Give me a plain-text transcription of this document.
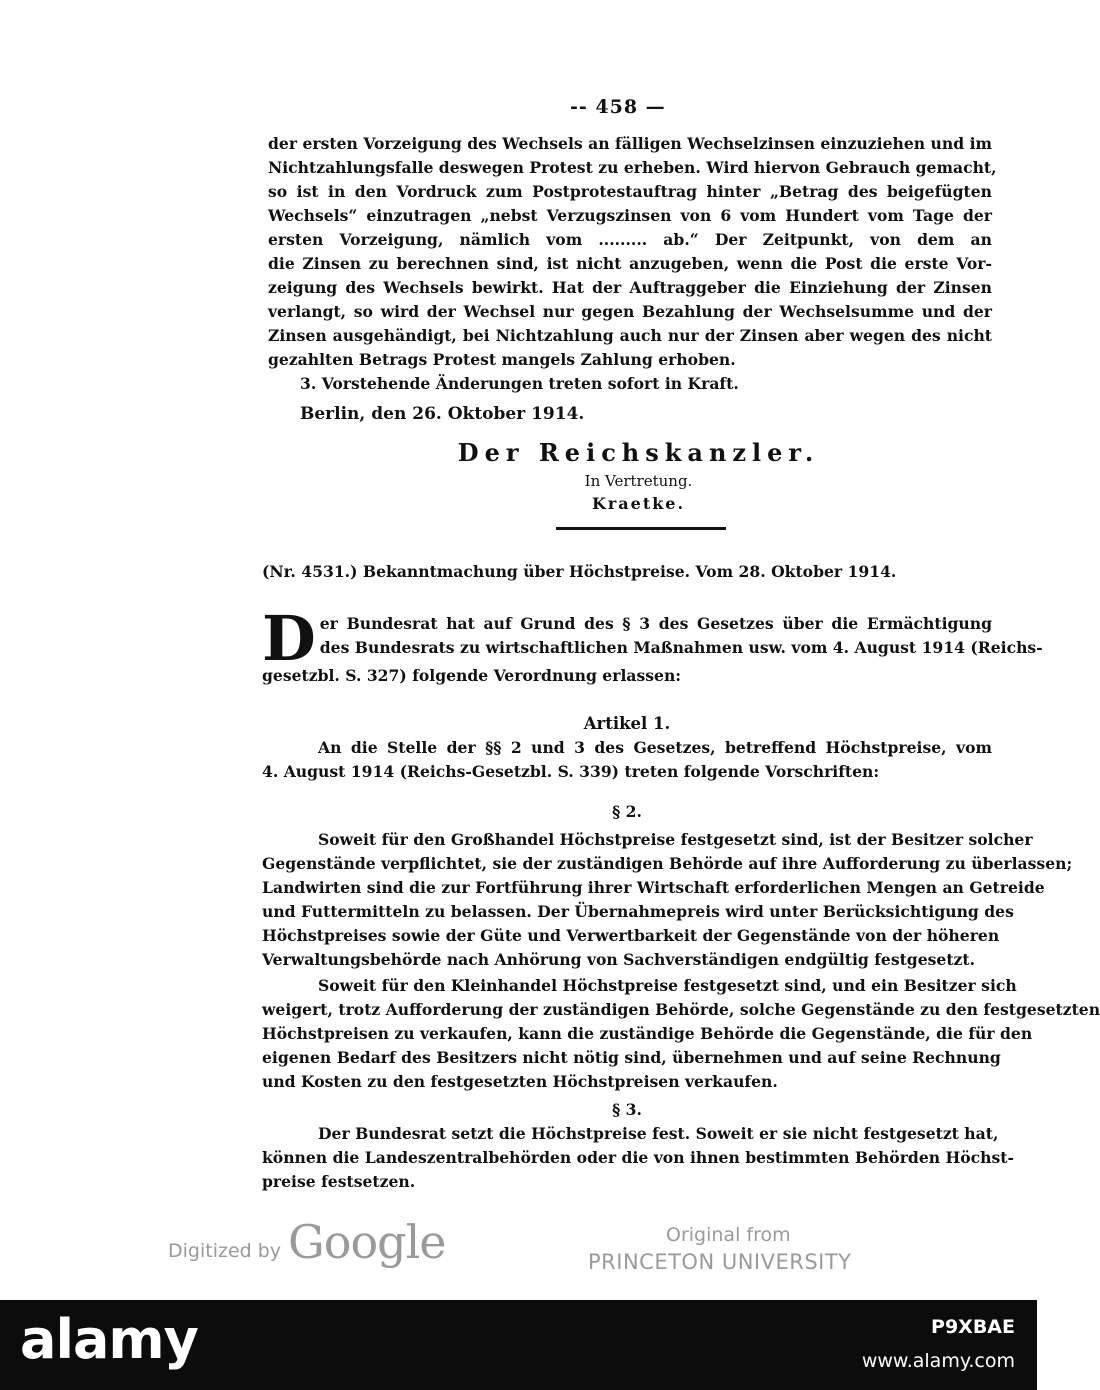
-- 458 —
der ersten Vorzeigung des Wechsels an fälligen Wechselzinsen einzuziehen und im
Nichtzahlungsfalle deswegen Protest zu erheben. Wird hiervon Gebrauch gemacht,
so ist in den Vordruck zum Postprotestauftrag hinter „Betrag des beigefügten
Wechsels“ einzutragen „nebst Verzugszinsen von 6 vom Hundert vom Tage der
ersten Vorzeigung, nämlich vom ......... ab.“ Der Zeitpunkt, von dem an
die Zinsen zu berechnen sind, ist nicht anzugeben, wenn die Post die erste Vor-
zeigung des Wechsels bewirkt. Hat der Auftraggeber die Einziehung der Zinsen
verlangt, so wird der Wechsel nur gegen Bezahlung der Wechselsumme und der
Zinsen ausgehändigt, bei Nichtzahlung auch nur der Zinsen aber wegen des nicht
gezahlten Betrags Protest mangels Zahlung erhoben.
3. Vorstehende Änderungen treten sofort in Kraft.
Berlin, den 26. Oktober 1914.
Der Reichskanzler.
In Vertretung.
Kraetke.
(Nr. 4531.) Bekanntmachung über Höchstpreise. Vom 28. Oktober 1914.
D er Bundesrat hat auf Grund des § 3 des Gesetzes über die Ermächtigung
des Bundesrats zu wirtschaftlichen Maßnahmen usw. vom 4. August 1914 (Reichs-
gesetzbl. S. 327) folgende Verordnung erlassen:
Artikel 1.
An die Stelle der §§ 2 und 3 des Gesetzes, betreffend Höchstpreise, vom
4. August 1914 (Reichs-Gesetzbl. S. 339) treten folgende Vorschriften:
§ 2.
Soweit für den Großhandel Höchstpreise festgesetzt sind, ist der Besitzer solcher
Gegenstände verpflichtet, sie der zuständigen Behörde auf ihre Aufforderung zu überlassen;
Landwirten sind die zur Fortführung ihrer Wirtschaft erforderlichen Mengen an Getreide
und Futtermitteln zu belassen. Der Übernahmepreis wird unter Berücksichtigung des
Höchstpreises sowie der Güte und Verwertbarkeit der Gegenstände von der höheren
Verwaltungsbehörde nach Anhörung von Sachverständigen endgültig festgesetzt.
Soweit für den Kleinhandel Höchstpreise festgesetzt sind, und ein Besitzer sich
weigert, trotz Aufforderung der zuständigen Behörde, solche Gegenstände zu den festgesetzten
Höchstpreisen zu verkaufen, kann die zuständige Behörde die Gegenstände, die für den
eigenen Bedarf des Besitzers nicht nötig sind, übernehmen und auf seine Rechnung
und Kosten zu den festgesetzten Höchstpreisen verkaufen.
§ 3.
Der Bundesrat setzt die Höchstpreise fest. Soweit er sie nicht festgesetzt hat,
können die Landeszentralbehörden oder die von ihnen bestimmten Behörden Höchst-
preise festsetzen.
Digitized by Google	Original from
PRINCETON UNIVERSITY
alamy	P9XBAE
www.alamy.com
